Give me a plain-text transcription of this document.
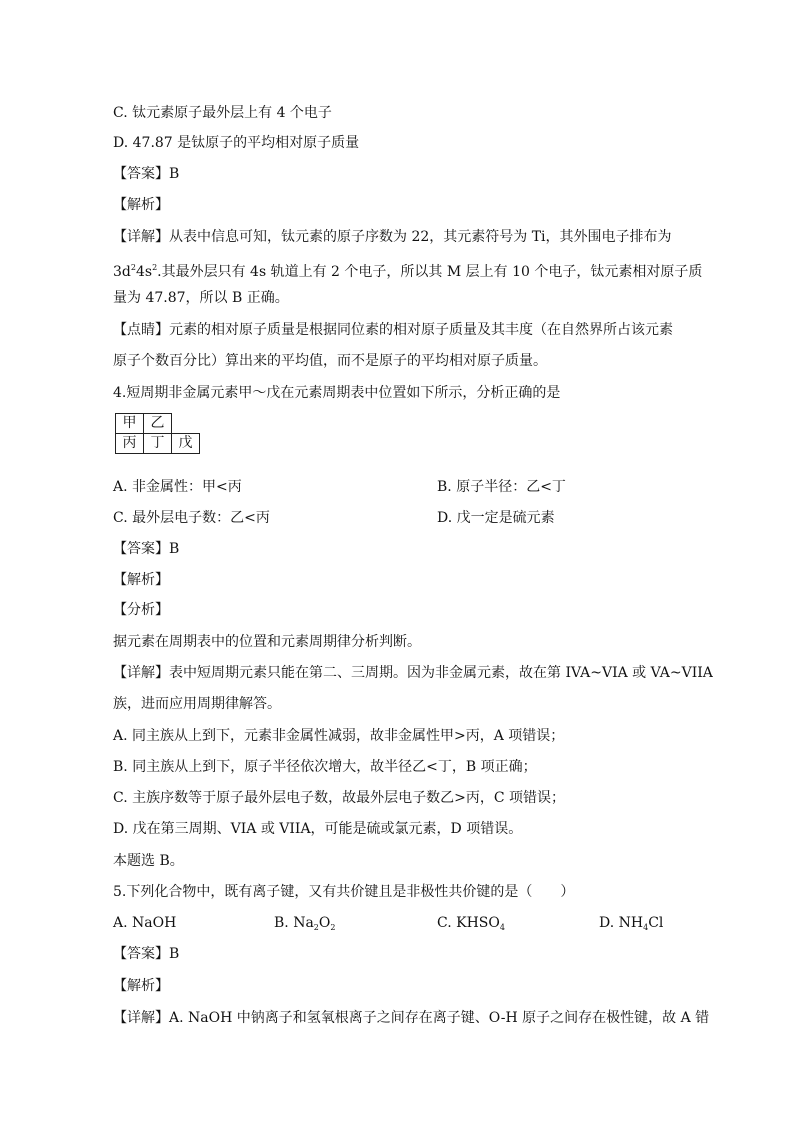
C. 钛元素原子最外层上有 4 个电子
D. 47.87 是钛原子的平均相对原子质量
【答案】B
【解析】
【详解】从表中信息可知，钛元素的原子序数为 22，其元素符号为 Ti，其外围电子排布为
$3d^24s^2$.其最外层只有 4s 轨道上有 2 个电子，所以其 M 层上有 10 个电子，钛元素相对原子质
量为 47.87，所以 B 正确。
【点睛】元素的相对原子质量是根据同位素的相对原子质量及其丰度（在自然界所占该元素
原子个数百分比）算出来的平均值，而不是原子的平均相对原子质量。
4.短周期非金属元素甲～戊在元素周期表中位置如下所示，分析正确的是
甲	乙	
丙	丁	戊
A. 非金属性：甲<丙	B. 原子半径：乙<丁
C. 最外层电子数：乙<丙	D. 戊一定是硫元素
【答案】B
【解析】
【分析】
据元素在周期表中的位置和元素周期律分析判断。
【详解】表中短周期元素只能在第二、三周期。因为非金属元素，故在第 IVA~VIA 或 VA~VIIA
族，进而应用周期律解答。
A. 同主族从上到下，元素非金属性减弱，故非金属性甲>丙，A 项错误；
B. 同主族从上到下，原子半径依次增大，故半径乙<丁，B 项正确；
C. 主族序数等于原子最外层电子数，故最外层电子数乙>丙，C 项错误；
D. 戊在第三周期、VIA 或 VIIA，可能是硫或氯元素，D 项错误。
本题选 B。
5.下列化合物中，既有离子键，又有共价键且是非极性共价键的是（　　）
A. NaOH	B. $Na_2O_2$	C. $KHSO_4$	D. $NH_4Cl$
【答案】B
【解析】
【详解】A. NaOH 中钠离子和氢氧根离子之间存在离子键、O-H 原子之间存在极性键，故 A 错
